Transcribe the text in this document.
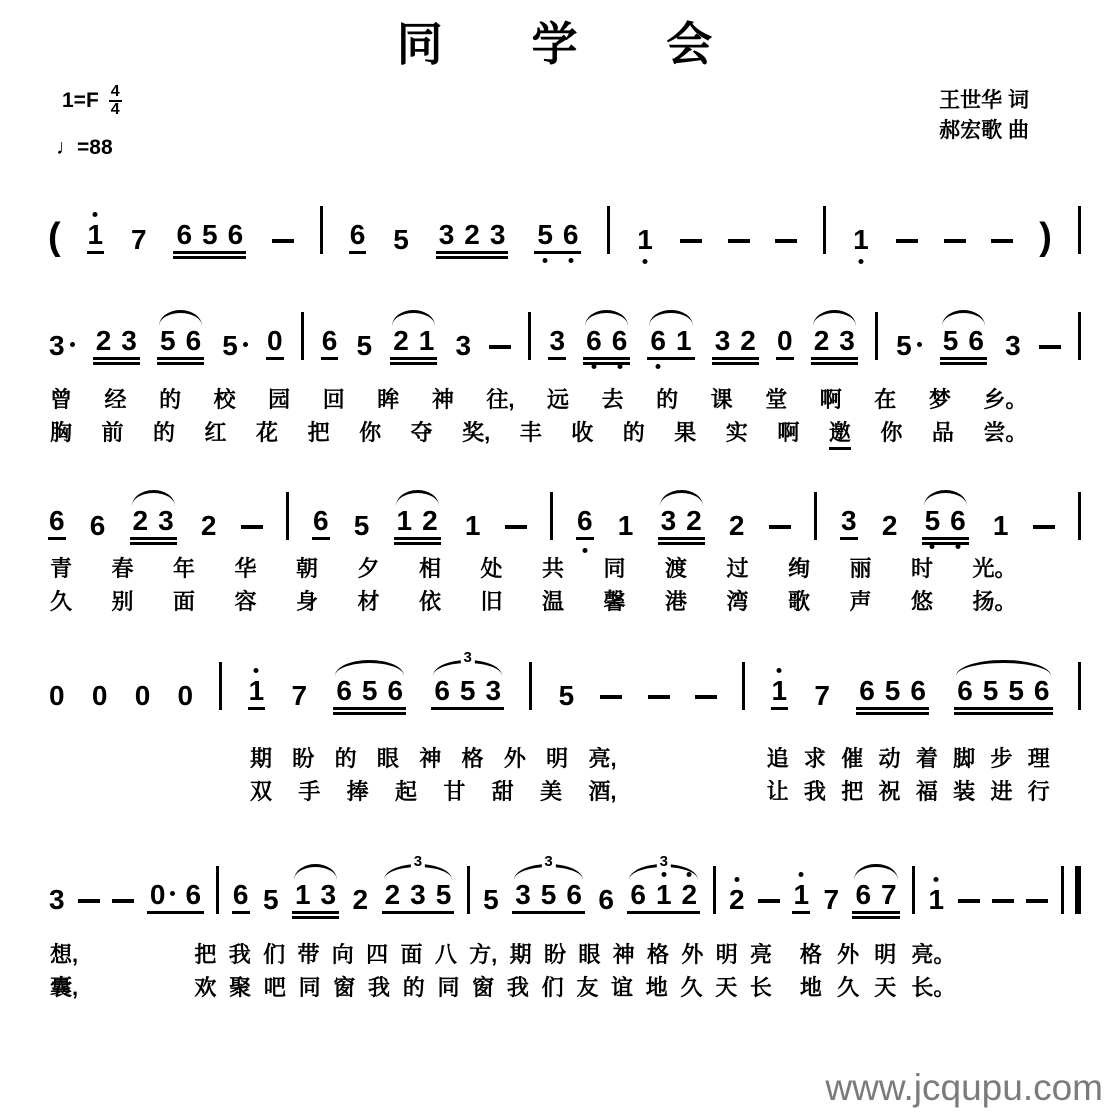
同 学 会
$1=F \frac{4}{4}$
♩=88
王世华 词
郝宏歌 曲
( 1 7 6 5 6	6 5 3 2 3 5 6 1	1	)
3	2 3 5 6 5	0 6 5 2 1 3	3 6 6 6 1 3 2 0 2 3 5	5 6 3
6 6 2 3 2	6 5 1 2 1	6 1 3 2 2	3 2 5 6 1
0 0 0 0 1 7 6 5 6 6 5 3
3
5	1 7 6 5 6 6 5 5 6
3	0 6 6 5 1 3 2 2 3 5
3
5 3 5 6
3
6 6 1 2
3
2 1 7 6 7 1
曾 经 的 校 园 回 眸 神 往, 远 去 的 课 堂 啊 在 梦 乡。
胸 前 的 红 花 把 你 夺 奖, 丰 收 的 果 实 啊 邀 你 品 尝。
青 春 年 华 朝 夕 相 处 共 同 渡 过 绚 丽 时 光。
久 别 面 容 身 材 依 旧 温 馨 港 湾 歌 声 悠 扬。
期 盼 的 眼 神 格 外 明 亮,	追 求 催 动 着 脚 步 理
双 手 捧 起 甘 甜 美 酒,	让 我 把 祝 福 装 进 行
想,	把 我 们 带 向 四 面 八 方, 期 盼 眼 神 格 外 明 亮 格 外 明 亮。
囊,	欢 聚 吧 同 窗 我 的 同 窗 我 们 友 谊 地 久 天 长 地 久 天 长。
www.jcqupu.com
